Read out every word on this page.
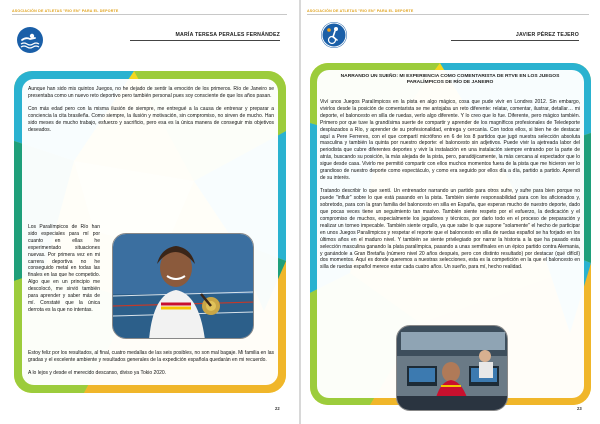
ASOCIACIÓN DE ATLETAS "RIO EN" PARA EL DEPORTE
MARÍA TERESA PERALES FERNÁNDEZ

Aunque han sido mis quintos Juegos, no he dejado de sentir la emoción de los primeros. Río de Janeiro se presentaba como un nuevo reto deportivo pero también personal pues soy consciente de que los años pasan.

Con más edad pero con la misma ilusión de siempre, me entregué a la causa de entrenar y preparar a conciencia la cita brasileña. Como siempre, la ilusión y motivación, sin compromiso, no sirven de mucho. Han sido meses de mucho trabajo, esfuerzo y sacrificio, pero esa es la única manera de conseguir mis objetivos deseados.

Los Paralímpicos de Río han sido especiales para mí por cuanto en ellas he experimentado situaciones nuevas. Por primera vez en mi carrera deportiva no he conseguido metal en todas las finales en las que he competido. Algo que en un principio me descolocó, me sirvió también para aprender y saber más de mí. Constaté que la única derrota es la que no intentas.

Estoy feliz por los resultados, al final, cuatro medallas de las seis posibles, no son mal bagaje. Mi familia en las gradas y el excelente ambiente y resultados generales de la expedición española quedarán en mi recuerdo.

A lo lejos y desde el merecido descanso, diviso ya Tokio 2020.

22
ASOCIACIÓN DE ATLETAS "RIO EN" PARA EL DEPORTE
JAVIER PÉREZ TEJERO
NARRANDO UN SUEÑO: MI EXPERIENCIA COMO COMENTARISTA DE RTVE EN LOS JUEGOS PARALÍMPICOS DE RÍO DE JANEIRO

Viví unos Juegos Paralímpicos en la pista en algo mágico, cosa que pude vivir en Londres 2012. Sin embargo, vivirlos desde la posición de comentarista se me antojaba un reto diferente: relatar, comentar, ilustrar, detallar… mi deporte, el baloncesto en silla de ruedas, verlo algo diferente. Y lo creo que lo fue. Diferente, pero mágico también. Primero por que tuve la grandísima suerte de compartir y aprender de los magníficos profesionales de Teledeporte desplazados a Río, y aprender de su profesionalidad, entrega y cercanía. Con todos ellos, si bien he de destacar aquí a Pere Ferreres, con el que compartí micrófono en 6 de los 8 partidos que jugó nuestra selección absoluta masculina y también la quinta por nuestro deporte: el baloncesto sin adjetivos. Puede vivir la ajetreada labor del periodista que cubre diferentes deportes y vivir la instalación en una instalación siempre entrando por la parte de atrás, buscando su posición, la más alejada de la pista, pero, paradójicamente, la más cercana al espectador que lo sigue desde casa. Vivirlo me permitió compartir con ellos muchos momentos fuera de la pista que me hicieron ver lo grandioso de nuestro deporte como espectáculo, y como era seguido por ellos día a día, partido a partido. Aprendí de su interés.

Tratando describir lo que sentí. Un entrenador narrando un partido para otros sufre, y sufre para bien porque no puede "influir" sobre lo que está pasando en la pista. También siente responsabilidad para con los aficionados y, sobretodo, para con la gran familia del baloncesto en silla en España, que esperan mucho de nuestro deporte, dado que pocas veces tiene un seguimiento tan masivo. También siente respeto por el esfuerzo, la dedicación y el compromiso de muchos, especialmente los jugadores y técnicos, por darlo todo en el proceso de preparación y realizar un torneo impecable. También siente orgullo, ya que sabe lo que supone "solamente" el hecho de participar en unos Juegos Paralímpicos y respetar el reporte que el baloncesto en silla de ruedas español se ha forjado en los últimos años en el maduro nivel. Y también se siente privilegiado por narrar la historia a la que ha pasado esta selección masculina ganando la plata paralímpica, pasando a unas semifinales en un épico partido contra Alemania, y ganándole a Gran Bretaña (número nivel 20 años después, pero con distinto resultado) por destacar (qué difícil) dos momentos. Aquí es donde queremos a nuestras selecciones, esta es la competición en la que el baloncesto en silla de ruedas español merece estar cada cuatro años. Un sueño, para mí, hecho realidad.

23
